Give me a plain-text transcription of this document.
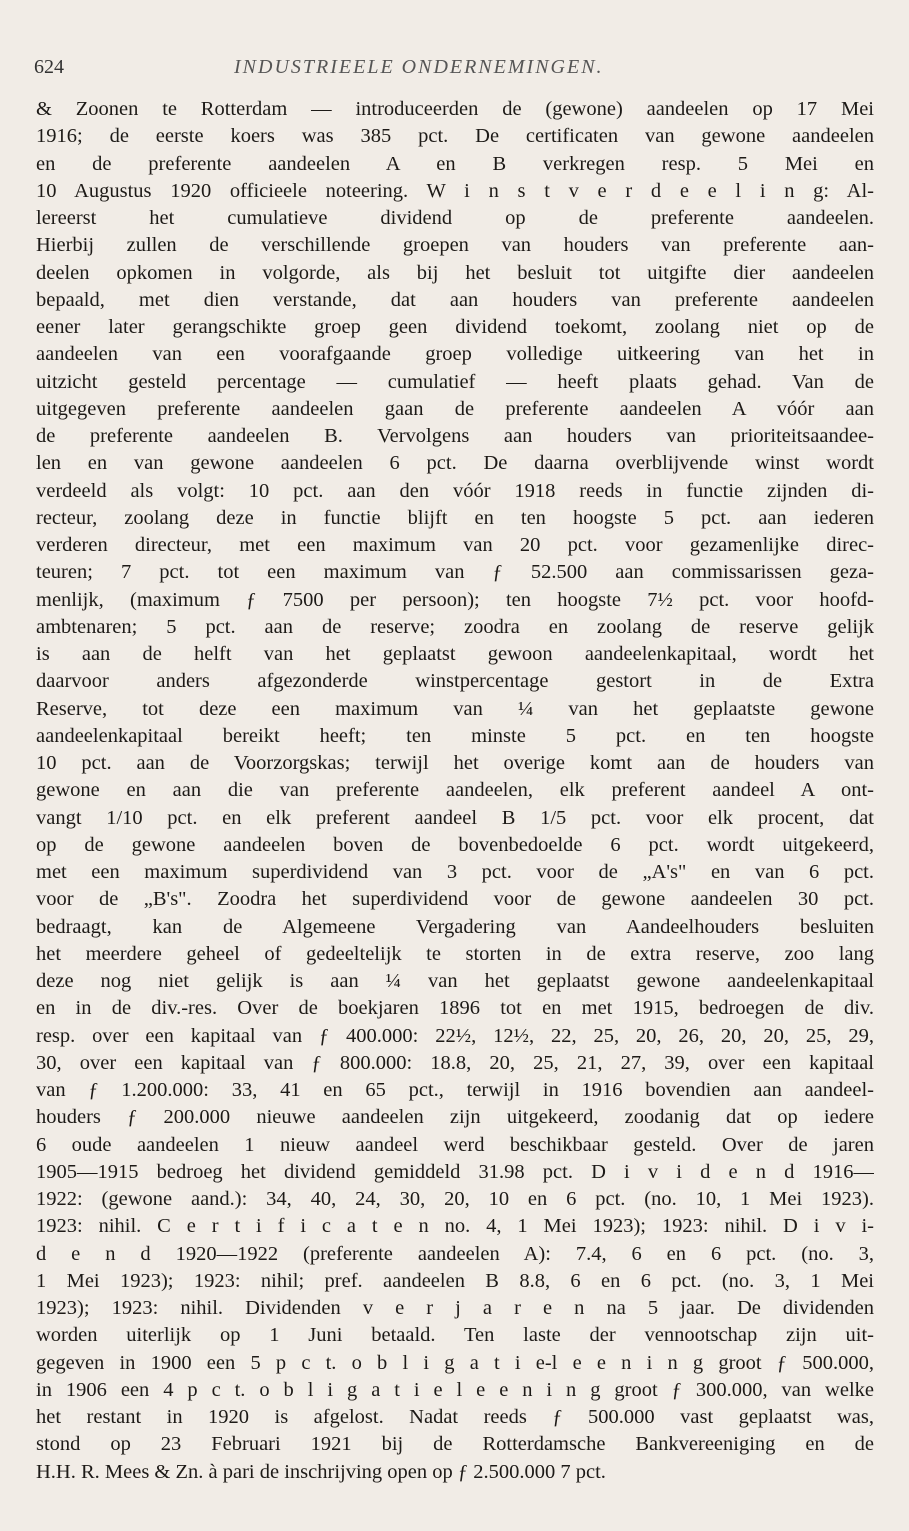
624	INDUSTRIEELE ONDERNEMINGEN.
& Zoonen te Rotterdam — introduceerden de (gewone) aandeelen op 17 Mei
1916; de eerste koers was 385 pct. De certificaten van gewone aandeelen
en de preferente aandeelen A en B verkregen resp. 5 Mei en
10 Augustus 1920 officieele noteering. W i n s t v e r d e e l i n g: Al-
lereerst het cumulatieve dividend op de preferente aandeelen.
Hierbij zullen de verschillende groepen van houders van preferente aan-
deelen opkomen in volgorde, als bij het besluit tot uitgifte dier aandeelen
bepaald, met dien verstande, dat aan houders van preferente aandeelen
eener later gerangschikte groep geen dividend toekomt, zoolang niet op de
aandeelen van een voorafgaande groep volledige uitkeering van het in
uitzicht gesteld percentage — cumulatief — heeft plaats gehad. Van de
uitgegeven preferente aandeelen gaan de preferente aandeelen A vóór aan
de preferente aandeelen B. Vervolgens aan houders van prioriteitsaandee-
len en van gewone aandeelen 6 pct. De daarna overblijvende winst wordt
verdeeld als volgt: 10 pct. aan den vóór 1918 reeds in functie zijnden di-
recteur, zoolang deze in functie blijft en ten hoogste 5 pct. aan iederen
verderen directeur, met een maximum van 20 pct. voor gezamenlijke direc-
teuren; 7 pct. tot een maximum van ƒ 52.500 aan commissarissen geza-
menlijk, (maximum ƒ 7500 per persoon); ten hoogste 7½ pct. voor hoofd-
ambtenaren; 5 pct. aan de reserve; zoodra en zoolang de reserve gelijk
is aan de helft van het geplaatst gewoon aandeelenkapitaal, wordt het
daarvoor anders afgezonderde winstpercentage gestort in de Extra
Reserve, tot deze een maximum van ¼ van het geplaatste gewone
aandeelenkapitaal bereikt heeft; ten minste 5 pct. en ten hoogste
10 pct. aan de Voorzorgskas; terwijl het overige komt aan de houders van
gewone en aan die van preferente aandeelen, elk preferent aandeel A ont-
vangt 1/10 pct. en elk preferent aandeel B 1/5 pct. voor elk procent, dat
op de gewone aandeelen boven de bovenbedoelde 6 pct. wordt uitgekeerd,
met een maximum superdividend van 3 pct. voor de „A's" en van 6 pct.
voor de „B's". Zoodra het superdividend voor de gewone aandeelen 30 pct.
bedraagt, kan de Algemeene Vergadering van Aandeelhouders besluiten
het meerdere geheel of gedeeltelijk te storten in de extra reserve, zoo lang
deze nog niet gelijk is aan ¼ van het geplaatst gewone aandeelenkapitaal
en in de div.-res. Over de boekjaren 1896 tot en met 1915, bedroegen de div.
resp. over een kapitaal van ƒ 400.000: 22½, 12½, 22, 25, 20, 26, 20, 20, 25, 29,
30, over een kapitaal van ƒ 800.000: 18.8, 20, 25, 21, 27, 39, over een kapitaal
van ƒ 1.200.000: 33, 41 en 65 pct., terwijl in 1916 bovendien aan aandeel-
houders ƒ 200.000 nieuwe aandeelen zijn uitgekeerd, zoodanig dat op iedere
6 oude aandeelen 1 nieuw aandeel werd beschikbaar gesteld. Over de jaren
1905—1915 bedroeg het dividend gemiddeld 31.98 pct. D i v i d e n d 1916—
1922: (gewone aand.): 34, 40, 24, 30, 20, 10 en 6 pct. (no. 10, 1 Mei 1923).
1923: nihil. C e r t i f i c a t e n no. 4, 1 Mei 1923); 1923: nihil. D i v i-
d e n d 1920—1922 (preferente aandeelen A): 7.4, 6 en 6 pct. (no. 3,
1 Mei 1923); 1923: nihil; pref. aandeelen B 8.8, 6 en 6 pct. (no. 3, 1 Mei
1923); 1923: nihil. Dividenden v e r j a r e n na 5 jaar. De dividenden
worden uiterlijk op 1 Juni betaald. Ten laste der vennootschap zijn uit-
gegeven in 1900 een 5 p c t. o b l i g a t i e-l e e n i n g groot ƒ 500.000,
in 1906 een 4 p c t. o b l i g a t i e l e e n i n g groot ƒ 300.000, van welke
het restant in 1920 is afgelost. Nadat reeds ƒ 500.000 vast geplaatst was,
stond op 23 Februari 1921 bij de Rotterdamsche Bankvereeniging en de
H.H. R. Mees & Zn. à pari de inschrijving open op ƒ 2.500.000 7 pct.
